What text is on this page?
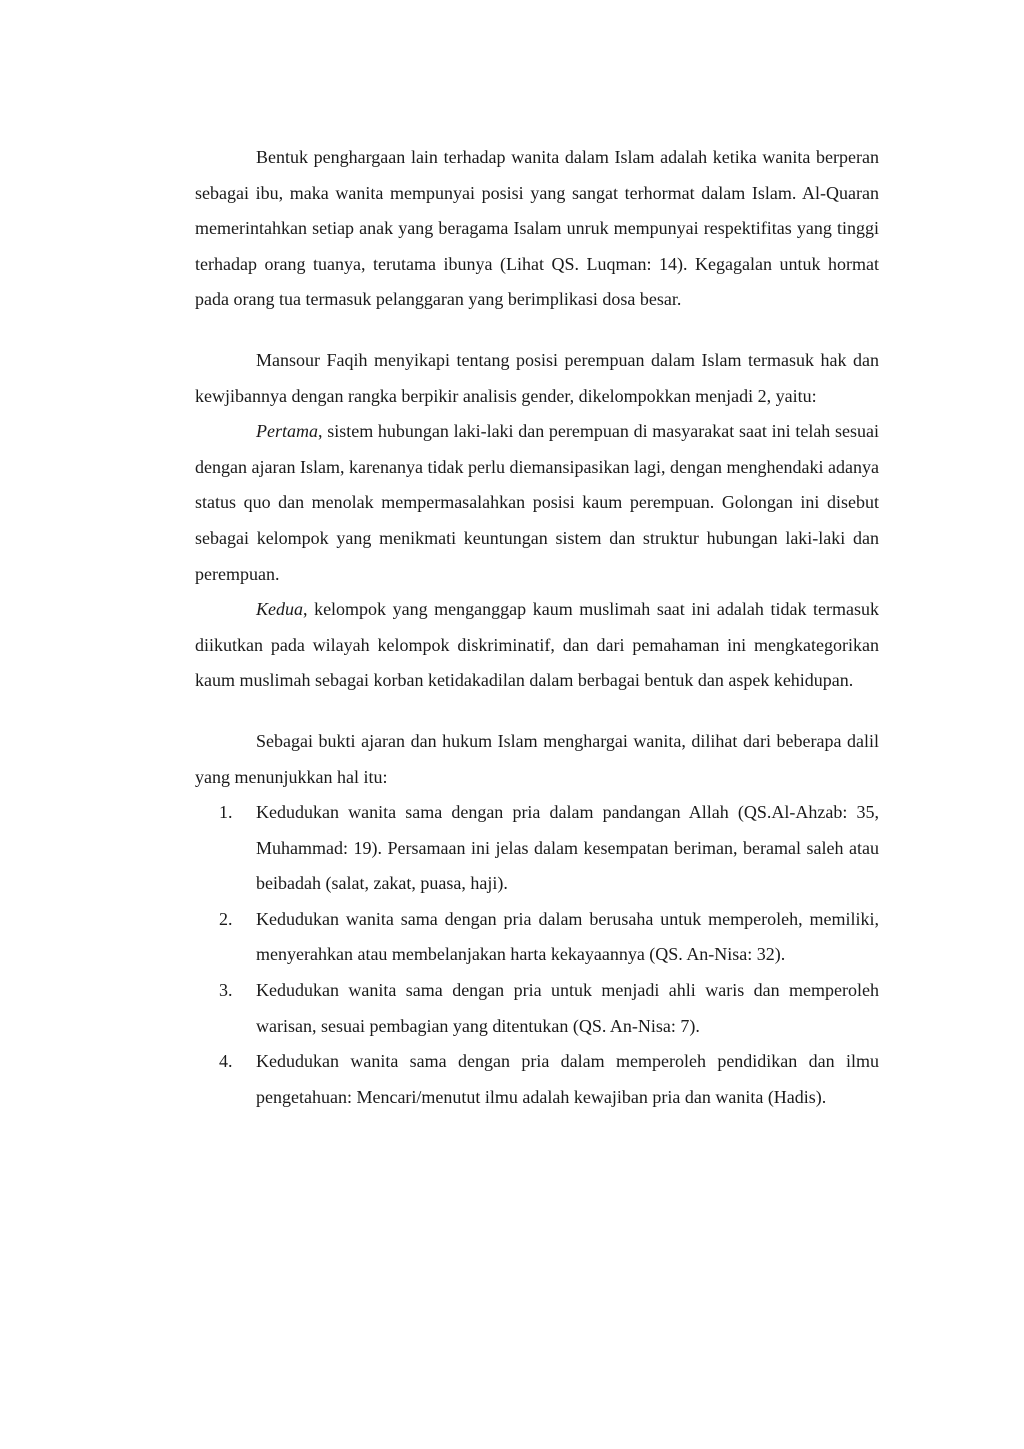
Bentuk penghargaan lain terhadap wanita dalam Islam adalah ketika wanita berperan sebagai ibu, maka wanita mempunyai posisi yang sangat terhormat dalam Islam. Al-Quaran memerintahkan setiap anak yang beragama Isalam unruk mempunyai respektifitas yang tinggi terhadap orang tuanya, terutama ibunya (Lihat QS. Luqman: 14). Kegagalan untuk hormat pada orang tua termasuk pelanggaran yang berimplikasi dosa besar.

Mansour Faqih menyikapi tentang posisi perempuan dalam Islam termasuk hak dan kewjibannya dengan rangka berpikir analisis gender, dikelompokkan menjadi 2, yaitu:

Pertama, sistem hubungan laki-laki dan perempuan di masyarakat saat ini telah sesuai dengan ajaran Islam, karenanya tidak perlu diemansipasikan lagi, dengan menghendaki adanya status quo dan menolak mempermasalahkan posisi kaum perempuan. Golongan ini disebut sebagai kelompok yang menikmati keuntungan sistem dan struktur hubungan laki-laki dan perempuan.

Kedua, kelompok yang menganggap kaum muslimah saat ini adalah tidak termasuk diikutkan pada wilayah kelompok diskriminatif, dan dari pemahaman ini mengkategorikan kaum muslimah sebagai korban ketidakadilan dalam berbagai bentuk dan aspek kehidupan.

Sebagai bukti ajaran dan hukum Islam menghargai wanita, dilihat dari beberapa dalil yang menunjukkan hal itu:

1. Kedudukan wanita sama dengan pria dalam pandangan Allah (QS.Al-Ahzab: 35, Muhammad: 19). Persamaan ini jelas dalam kesempatan beriman, beramal saleh atau beibadah (salat, zakat, puasa, haji).
2. Kedudukan wanita sama dengan pria dalam berusaha untuk memperoleh, memiliki, menyerahkan atau membelanjakan harta kekayaannya (QS. An-Nisa: 32).
3. Kedudukan wanita sama dengan pria untuk menjadi ahli waris dan memperoleh warisan, sesuai pembagian yang ditentukan (QS. An-Nisa: 7).
4. Kedudukan wanita sama dengan pria dalam memperoleh pendidikan dan ilmu pengetahuan: Mencari/menutut ilmu adalah kewajiban pria dan wanita (Hadis).
